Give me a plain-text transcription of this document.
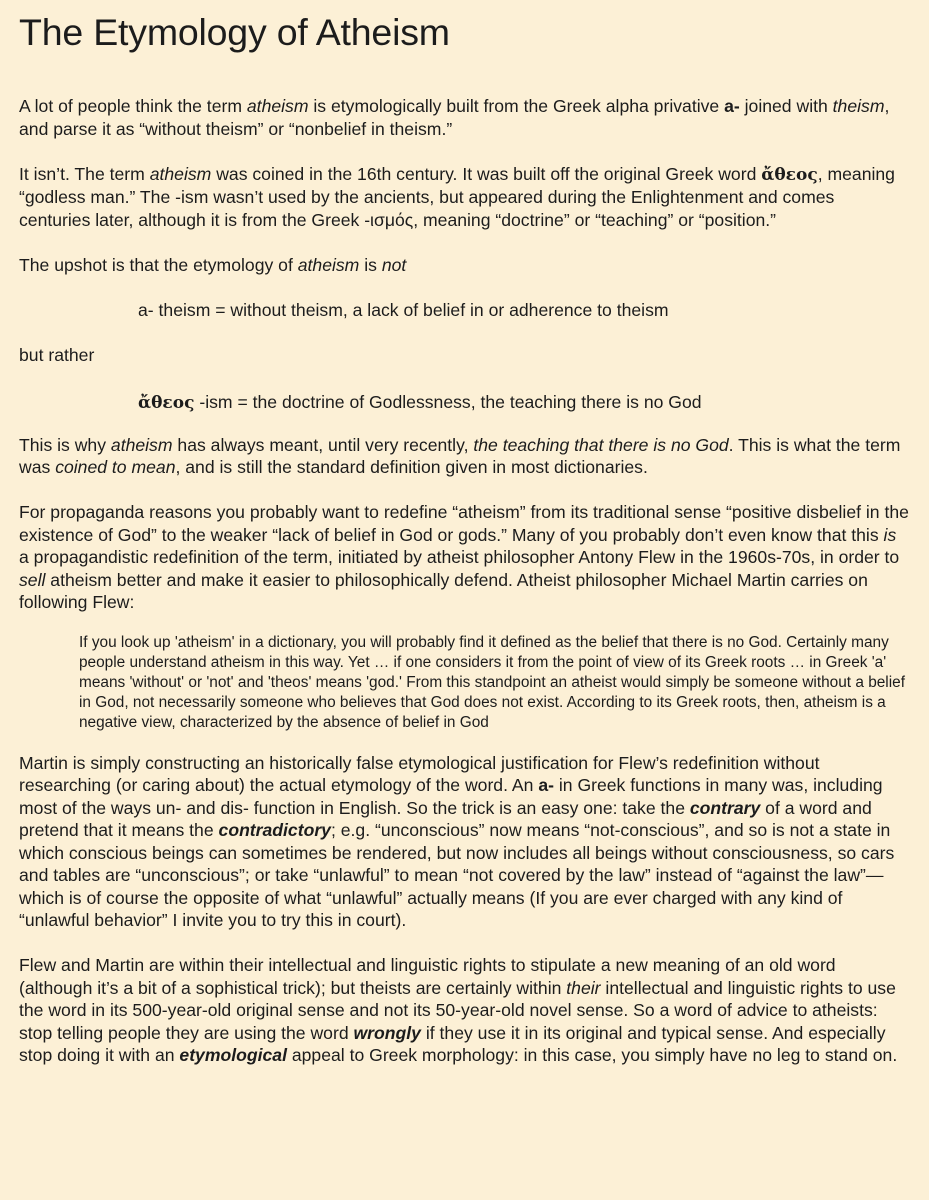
The Etymology of Atheism

A lot of people think the term atheism is etymologically built from the Greek alpha privative a- joined with theism, and parse it as “without theism” or “nonbelief in theism.”

It isn’t. The term atheism was coined in the 16th century. It was built off the original Greek word ἄθεος, meaning “godless man.” The -ism wasn’t used by the ancients, but appeared during the Enlightenment and comes centuries later, although it is from the Greek -ισμός, meaning “doctrine” or “teaching” or “position.”

The upshot is that the etymology of atheism is not

a- theism = without theism, a lack of belief in or adherence to theism

but rather

ἄθεος -ism = the doctrine of Godlessness, the teaching there is no God

This is why atheism has always meant, until very recently, the teaching that there is no God. This is what the term was coined to mean, and is still the standard definition given in most dictionaries.

For propaganda reasons you probably want to redefine “atheism” from its traditional sense “positive disbelief in the existence of God” to the weaker “lack of belief in God or gods.” Many of you probably don’t even know that this is a propagandistic redefinition of the term, initiated by atheist philosopher Antony Flew in the 1960s-70s, in order to sell atheism better and make it easier to philosophically defend. Atheist philosopher Michael Martin carries on following Flew:

If you look up 'atheism' in a dictionary, you will probably find it defined as the belief that there is no God. Certainly many people understand atheism in this way. Yet … if one considers it from the point of view of its Greek roots … in Greek 'a' means 'without' or 'not' and 'theos' means 'god.' From this standpoint an atheist would simply be someone without a belief in God, not necessarily someone who believes that God does not exist. According to its Greek roots, then, atheism is a negative view, characterized by the absence of belief in God

Martin is simply constructing an historically false etymological justification for Flew’s redefinition without researching (or caring about) the actual etymology of the word. An a- in Greek functions in many was, including most of the ways un- and dis- function in English. So the trick is an easy one: take the contrary of a word and pretend that it means the contradictory; e.g. “unconscious” now means “not-conscious”, and so is not a state in which conscious beings can sometimes be rendered, but now includes all beings without consciousness, so cars and tables are “unconscious”; or take “unlawful” to mean “not covered by the law” instead of “against the law”—which is of course the opposite of what “unlawful” actually means (If you are ever charged with any kind of “unlawful behavior” I invite you to try this in court).

Flew and Martin are within their intellectual and linguistic rights to stipulate a new meaning of an old word (although it’s a bit of a sophistical trick); but theists are certainly within their intellectual and linguistic rights to use the word in its 500-year-old original sense and not its 50-year-old novel sense. So a word of advice to atheists: stop telling people they are using the word wrongly if they use it in its original and typical sense. And especially stop doing it with an etymological appeal to Greek morphology: in this case, you simply have no leg to stand on.
